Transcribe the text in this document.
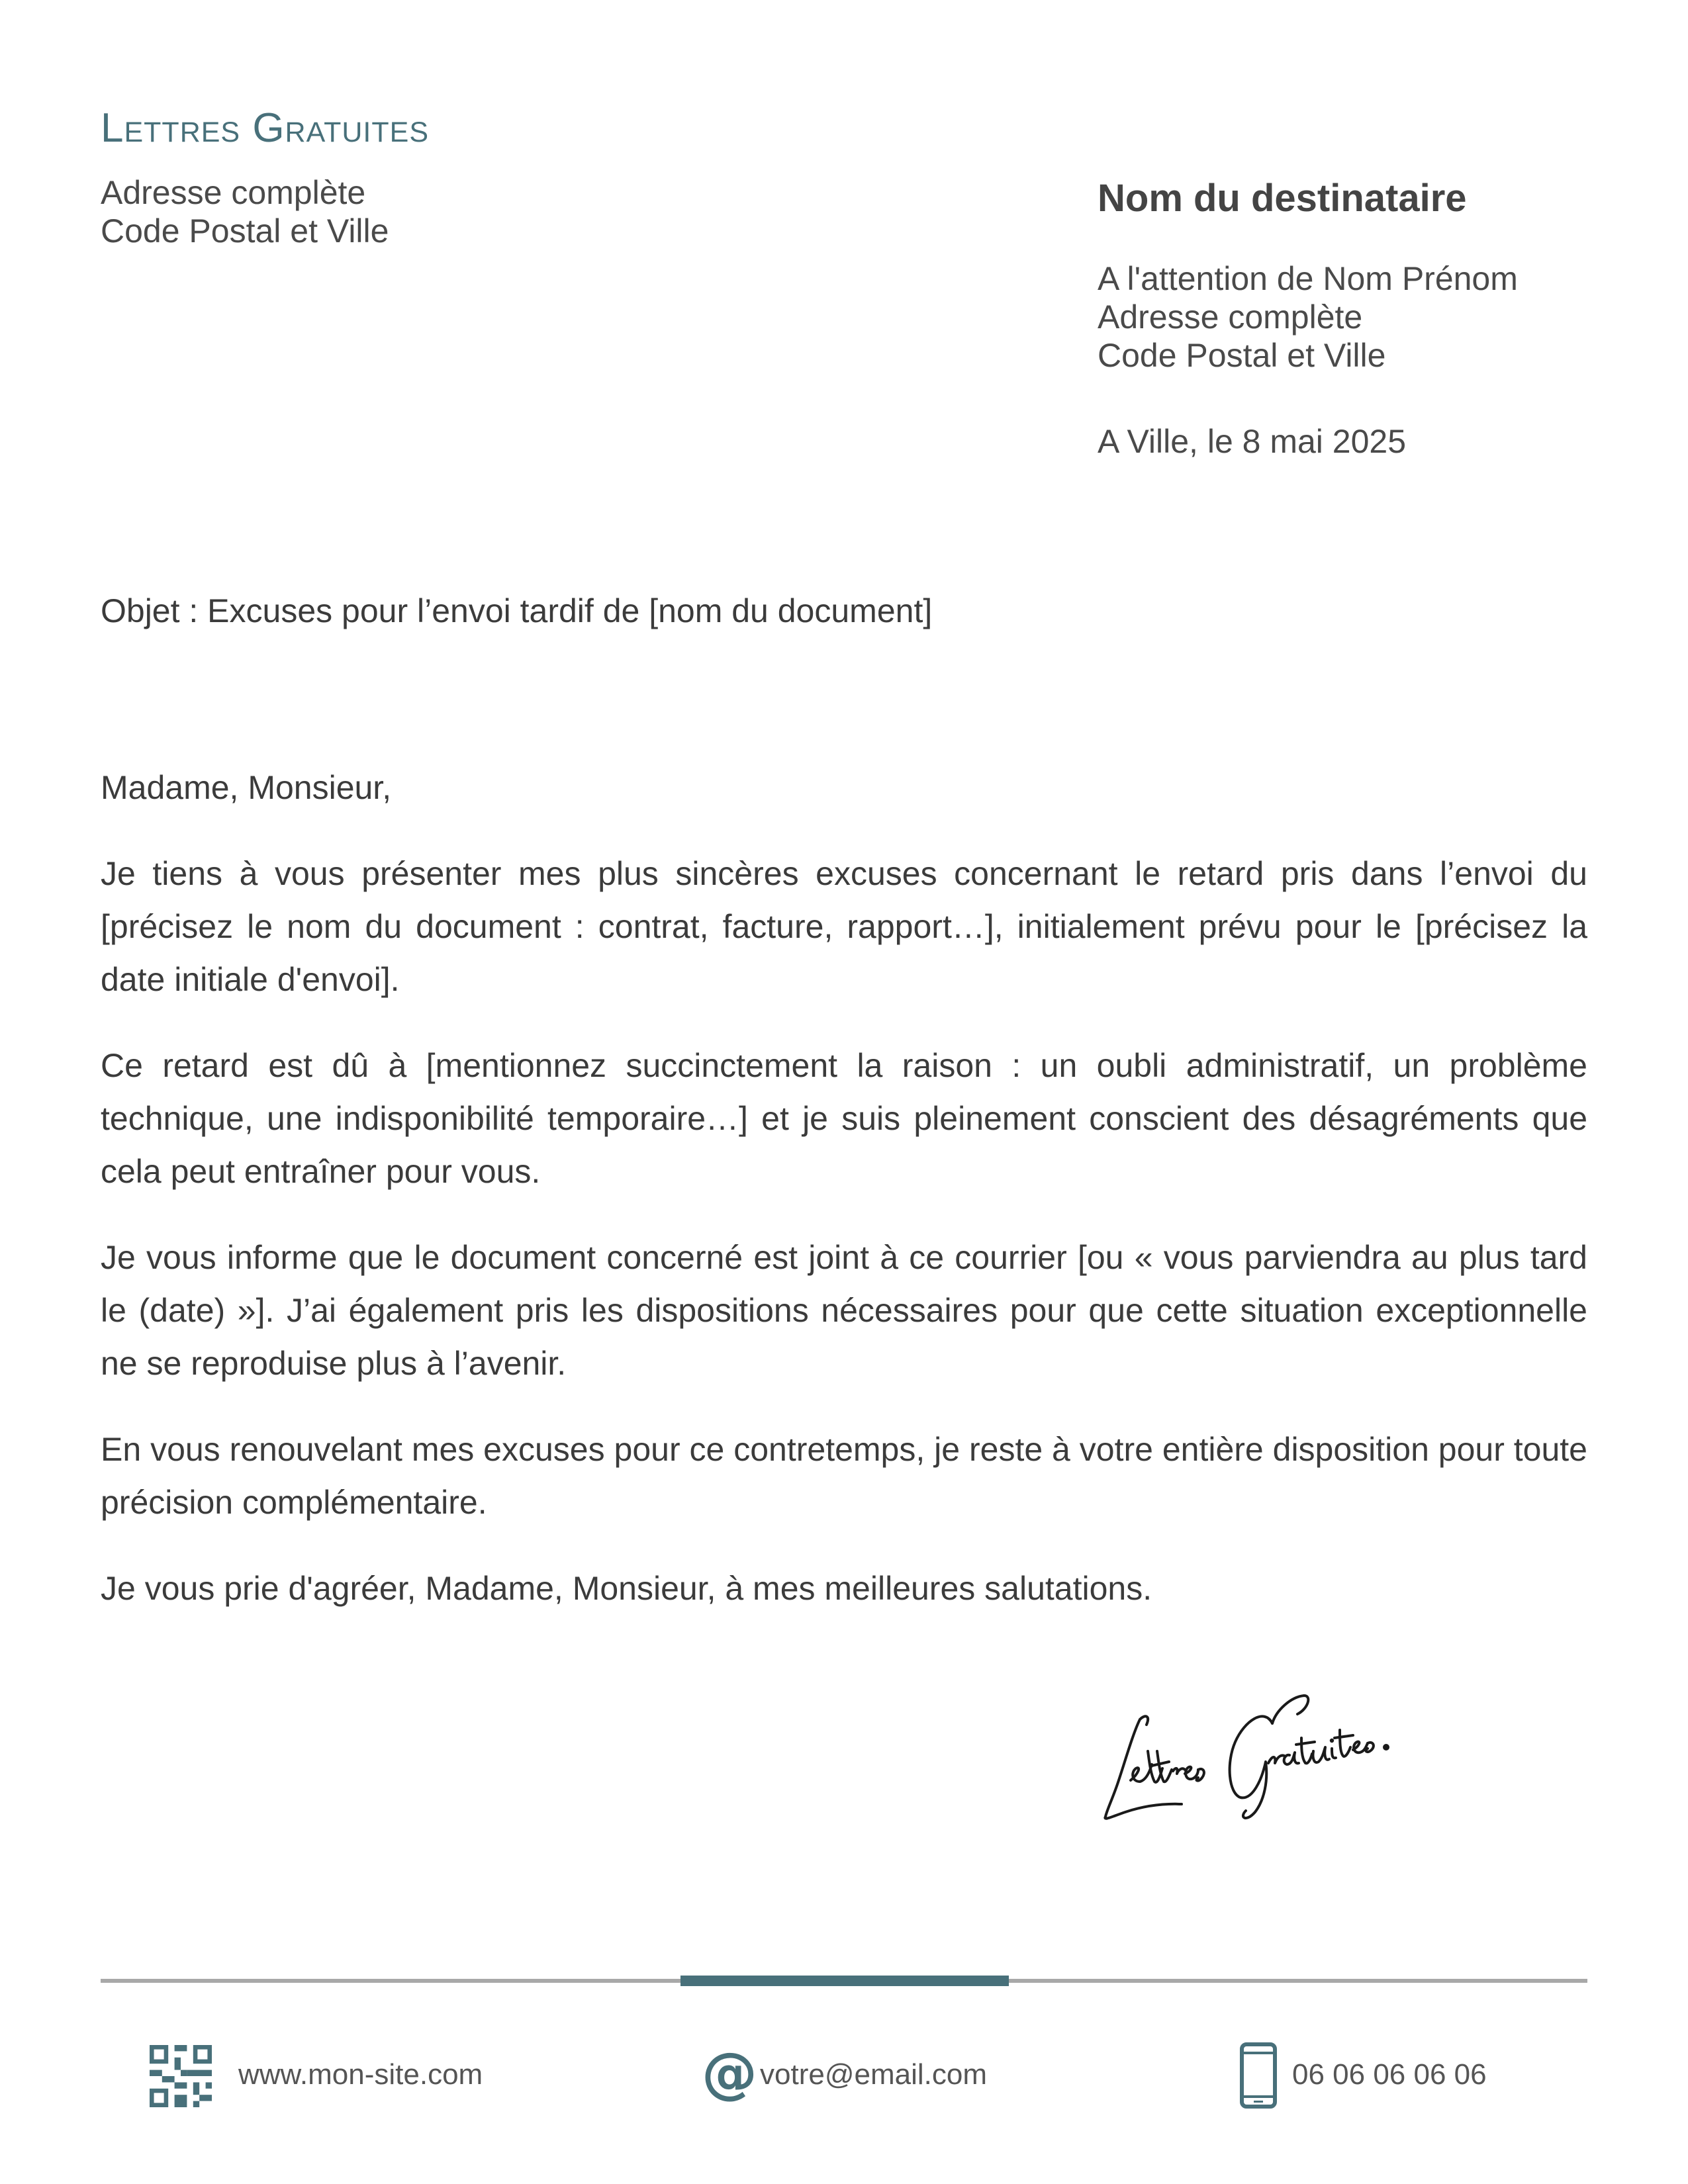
Lettres Gratuites
Adresse complète
Code Postal et Ville
Nom du destinataire
A l'attention de Nom Prénom
Adresse complète
Code Postal et Ville
A Ville, le 8 mai 2025
Objet : Excuses pour l’envoi tardif de [nom du document]

Madame, Monsieur,

Je tiens à vous présenter mes plus sincères excuses concernant le retard pris dans l’envoi du [précisez le nom du document : contrat, facture, rapport…], initialement prévu pour le [précisez la date initiale d'envoi].

Ce retard est dû à [mentionnez succinctement la raison : un oubli administratif, un problème technique, une indisponibilité temporaire…] et je suis pleinement conscient des désagréments que cela peut entraîner pour vous.

Je vous informe que le document concerné est joint à ce courrier [ou « vous parviendra au plus tard le (date) »]. J’ai également pris les dispositions nécessaires pour que cette situation exceptionnelle ne se reproduise plus à l’avenir.

En vous renouvelant mes excuses pour ce contretemps, je reste à votre entière disposition pour toute précision complémentaire.

Je vous prie d'agréer, Madame, Monsieur, à mes meilleures salutations.

www.mon-site.com	@ votre@email.com	06 06 06 06 06
